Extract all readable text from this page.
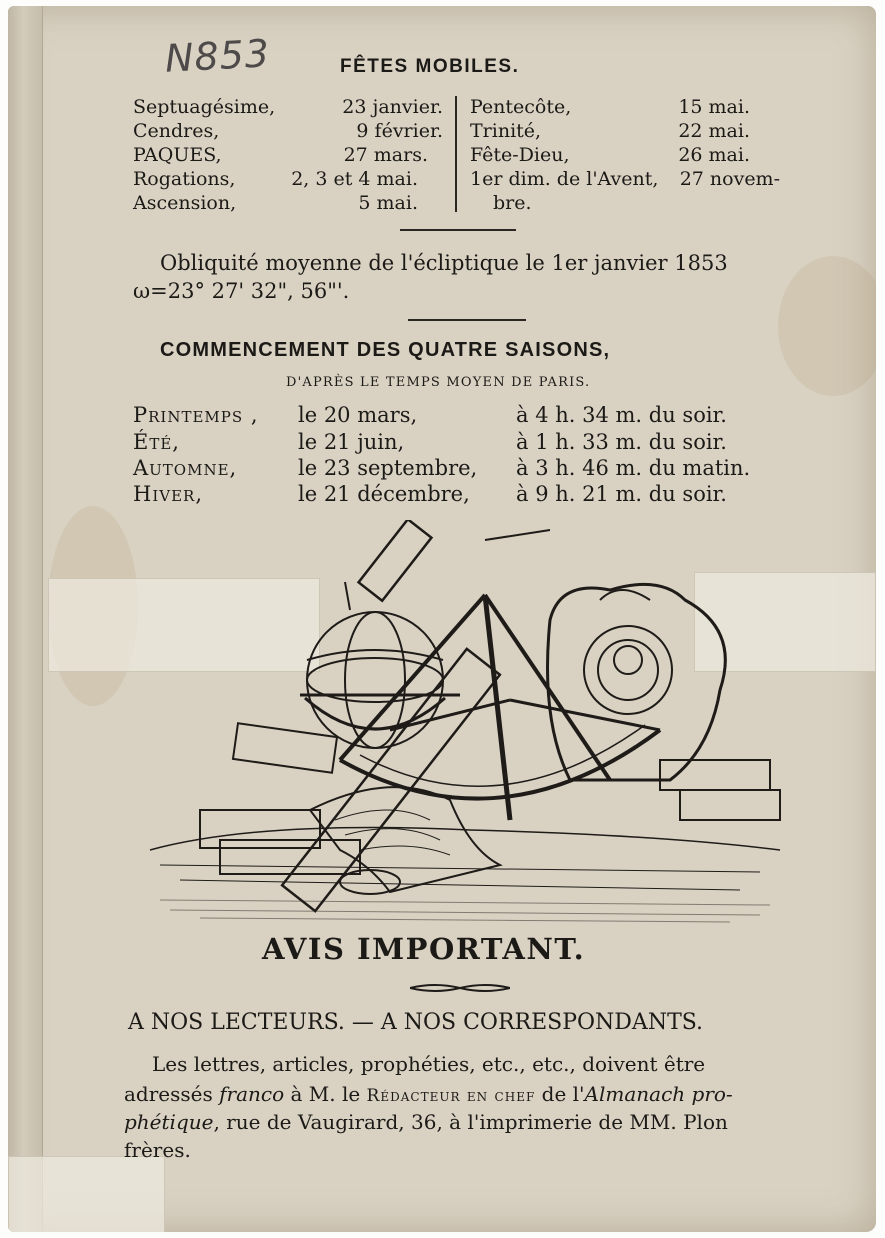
N853	FÊTES MOBILES.
Septuagésime,	23 janvier.
Cendres,	9 février.
PAQUES,	27 mars.
Rogations,	2, 3 et 4 mai.
Ascension,	5 mai.
Pentecôte,	15 mai.
Trinité,	22 mai.
Fête-Dieu,	26 mai.
1er dim. de l'Avent,	27 novem-
bre.
Obliquité moyenne de l'écliptique le 1er janvier 1853
ω=23° 27' 32", 56"'.
COMMENCEMENT DES QUATRE SAISONS,
D'APRÈS LE TEMPS MOYEN DE PARIS.
Printemps , le 20 mars,	à 4 h. 34 m. du soir.
Été,	le 21 juin,	à 1 h. 33 m. du soir.
Automne,	le 23 septembre, à 3 h. 46 m. du matin.
Hiver,	le 21 décembre, à 9 h. 21 m. du soir.
AVIS IMPORTANT.
A NOS LECTEURS. — A NOS CORRESPONDANTS.
Les lettres, articles, prophéties, etc., etc., doivent être
adressés franco à M. le Rédacteur en chef de l'Almanach pro-
phétique, rue de Vaugirard, 36, à l'imprimerie de MM. Plon
frères.
